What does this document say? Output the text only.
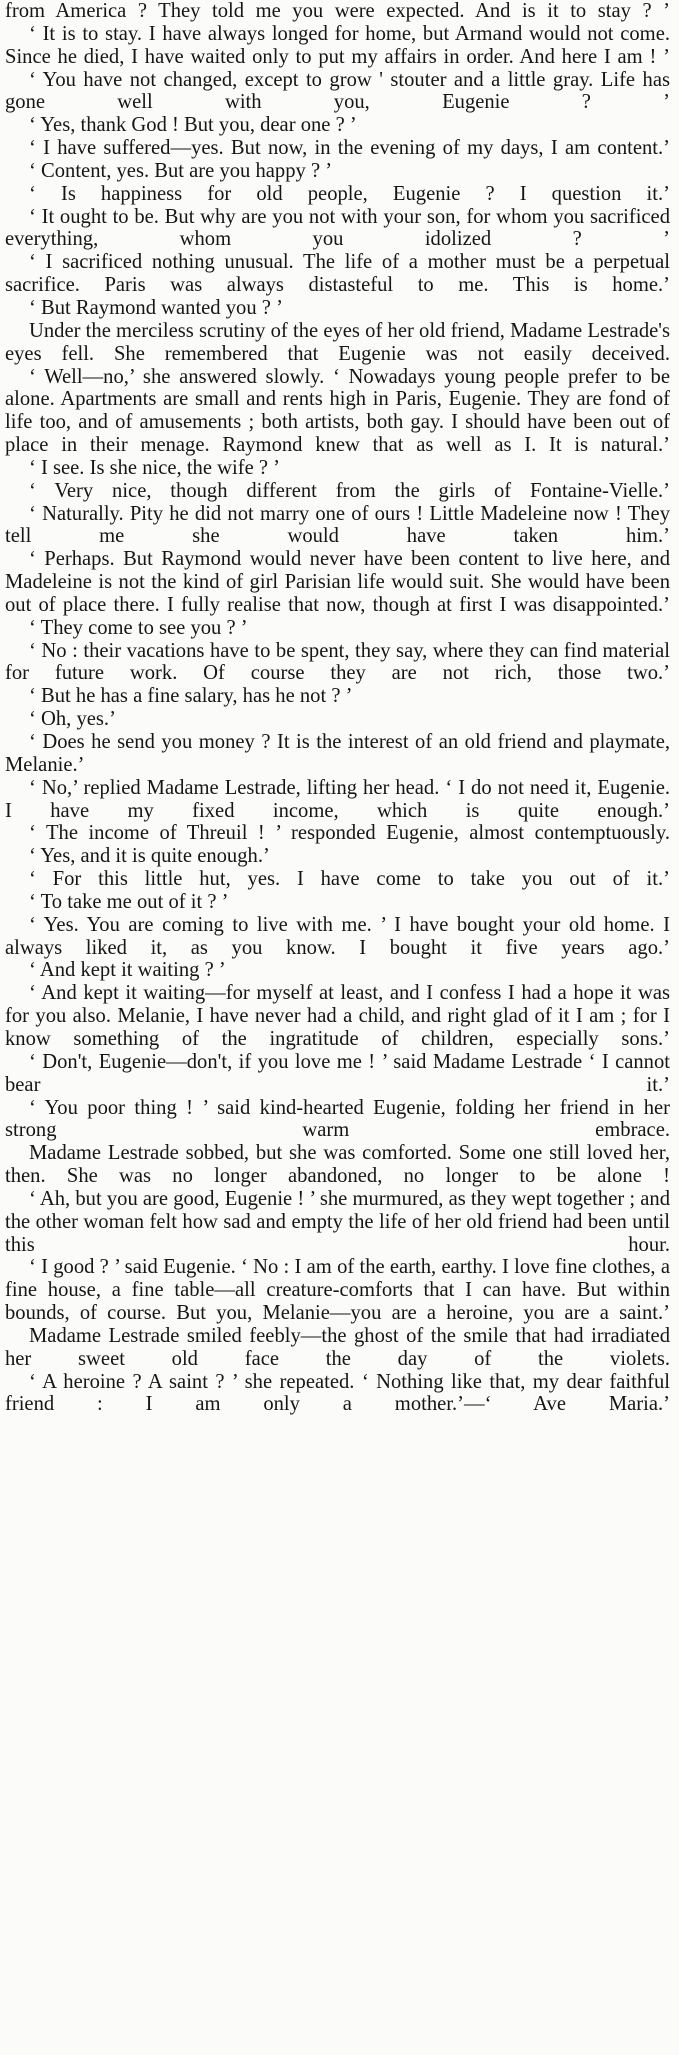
from America ? They told me you were expected. And is it to stay ? ’

‘ It is to stay. I have always longed for home, but Armand would not come. Since he died, I have waited only to put my affairs in order. And here I am ! ’

‘ You have not changed, except to grow ' stouter and a little gray. Life has gone well with you, Eugenie ? ’

‘ Yes, thank God ! But you, dear one ? ’

‘ I have suffered—yes. But now, in the evening of my days, I am content.’

‘ Content, yes. But are you happy ? ’

‘ Is happiness for old people, Eugenie ? I question it.’

‘ It ought to be. But why are you not with your son, for whom you sacrificed everything, whom you idolized ? ’

‘ I sacrificed nothing unusual. The life of a mother must be a perpetual sacrifice. Paris was always distasteful to me. This is home.’

‘ But Raymond wanted you ? ’

Under the merciless scrutiny of the eyes of her old friend, Madame Lestrade's eyes fell. She remembered that Eugenie was not easily deceived.

‘ Well—no,’ she answered slowly. ‘ Nowadays young people prefer to be alone. Apartments are small and rents high in Paris, Eugenie. They are fond of life too, and of amusements ; both artists, both gay. I should have been out of place in their menage. Raymond knew that as well as I. It is natural.’

‘ I see. Is she nice, the wife ? ’

‘ Very nice, though different from the girls of Fontaine-Vielle.’

‘ Naturally. Pity he did not marry one of ours ! Little Madeleine now ! They tell me she would have taken him.’

‘ Perhaps. But Raymond would never have been content to live here, and Madeleine is not the kind of girl Parisian life would suit. She would have been out of place there. I fully realise that now, though at first I was disappointed.’

‘ They come to see you ? ’

‘ No : their vacations have to be spent, they say, where they can find material for future work. Of course they are not rich, those two.’

‘ But he has a fine salary, has he not ? ’

‘ Oh, yes.’

‘ Does he send you money ? It is the interest of an old friend and playmate, Melanie.’

‘ No,’ replied Madame Lestrade, lifting her head. ‘ I do not need it, Eugenie. I have my fixed income, which is quite enough.’

‘ The income of Threuil ! ’ responded Eugenie, almost contemptuously.

‘ Yes, and it is quite enough.’

‘ For this little hut, yes. I have come to take you out of it.’

‘ To take me out of it ? ’

‘ Yes. You are coming to live with me. ’ I have bought your old home. I always liked it, as you know. I bought it five years ago.’

‘ And kept it waiting ? ’

‘ And kept it waiting—for myself at least, and I confess I had a hope it was for you also. Melanie, I have never had a child, and right glad of it I am ; for I know something of the ingratitude of children, especially sons.’

‘ Don't, Eugenie—don't, if you love me ! ’ said Madame Lestrade ‘ I cannot bear it.’

‘ You poor thing ! ’ said kind-hearted Eugenie, folding her friend in her strong warm embrace.

Madame Lestrade sobbed, but she was comforted. Some one still loved her, then. She was no longer abandoned, no longer to be alone !

‘ Ah, but you are good, Eugenie ! ’ she murmured, as they wept together ; and the other woman felt how sad and empty the life of her old friend had been until this hour.

‘ I good ? ’ said Eugenie. ‘ No : I am of the earth, earthy. I love fine clothes, a fine house, a fine table—all creature-comforts that I can have. But within bounds, of course. But you, Melanie—you are a heroine, you are a saint.’

Madame Lestrade smiled feebly—the ghost of the smile that had irradiated her sweet old face the day of the violets.

‘ A heroine ? A saint ? ’ she repeated. ‘ Nothing like that, my dear faithful friend : I am only a mother.’—‘ Ave Maria.’
